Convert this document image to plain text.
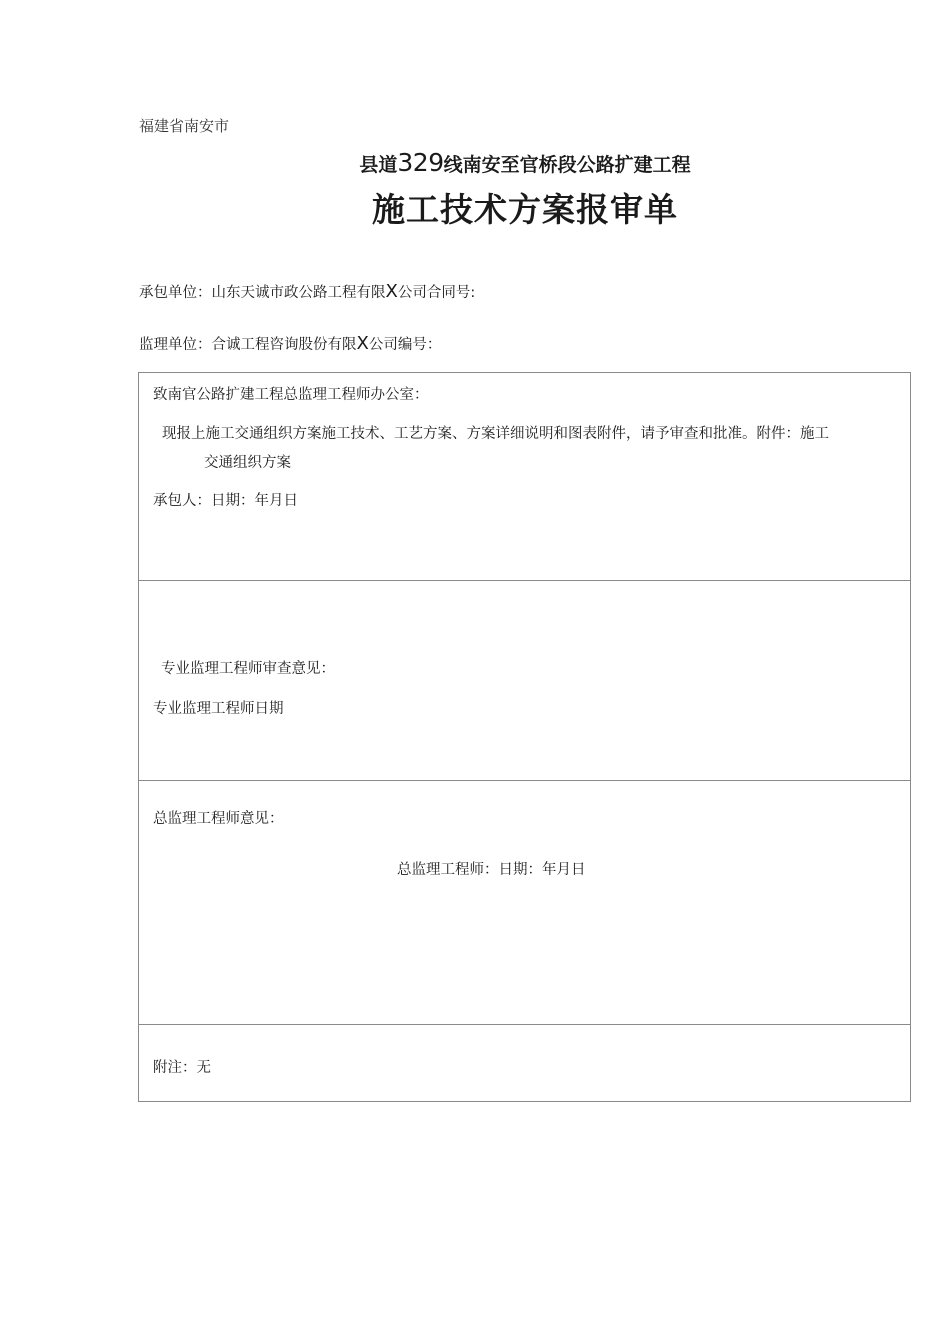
福建省南安市
县道329线南安至官桥段公路扩建工程
施工技术方案报审单
承包单位：山东天诚市政公路工程有限X公司合同号:
监理单位：合诚工程咨询股份有限X公司编号：
致南官公路扩建工程总监理工程师办公室：
现报上施工交通组织方案施工技术、工艺方案、方案详细说明和图表附件，请予审查和批准。附件：施工
交通组织方案
承包人：日期：年月日
专业监理工程师审查意见：
专业监理工程师日期
总监理工程师意见：
总监理工程师：日期：年月日
附注：无
